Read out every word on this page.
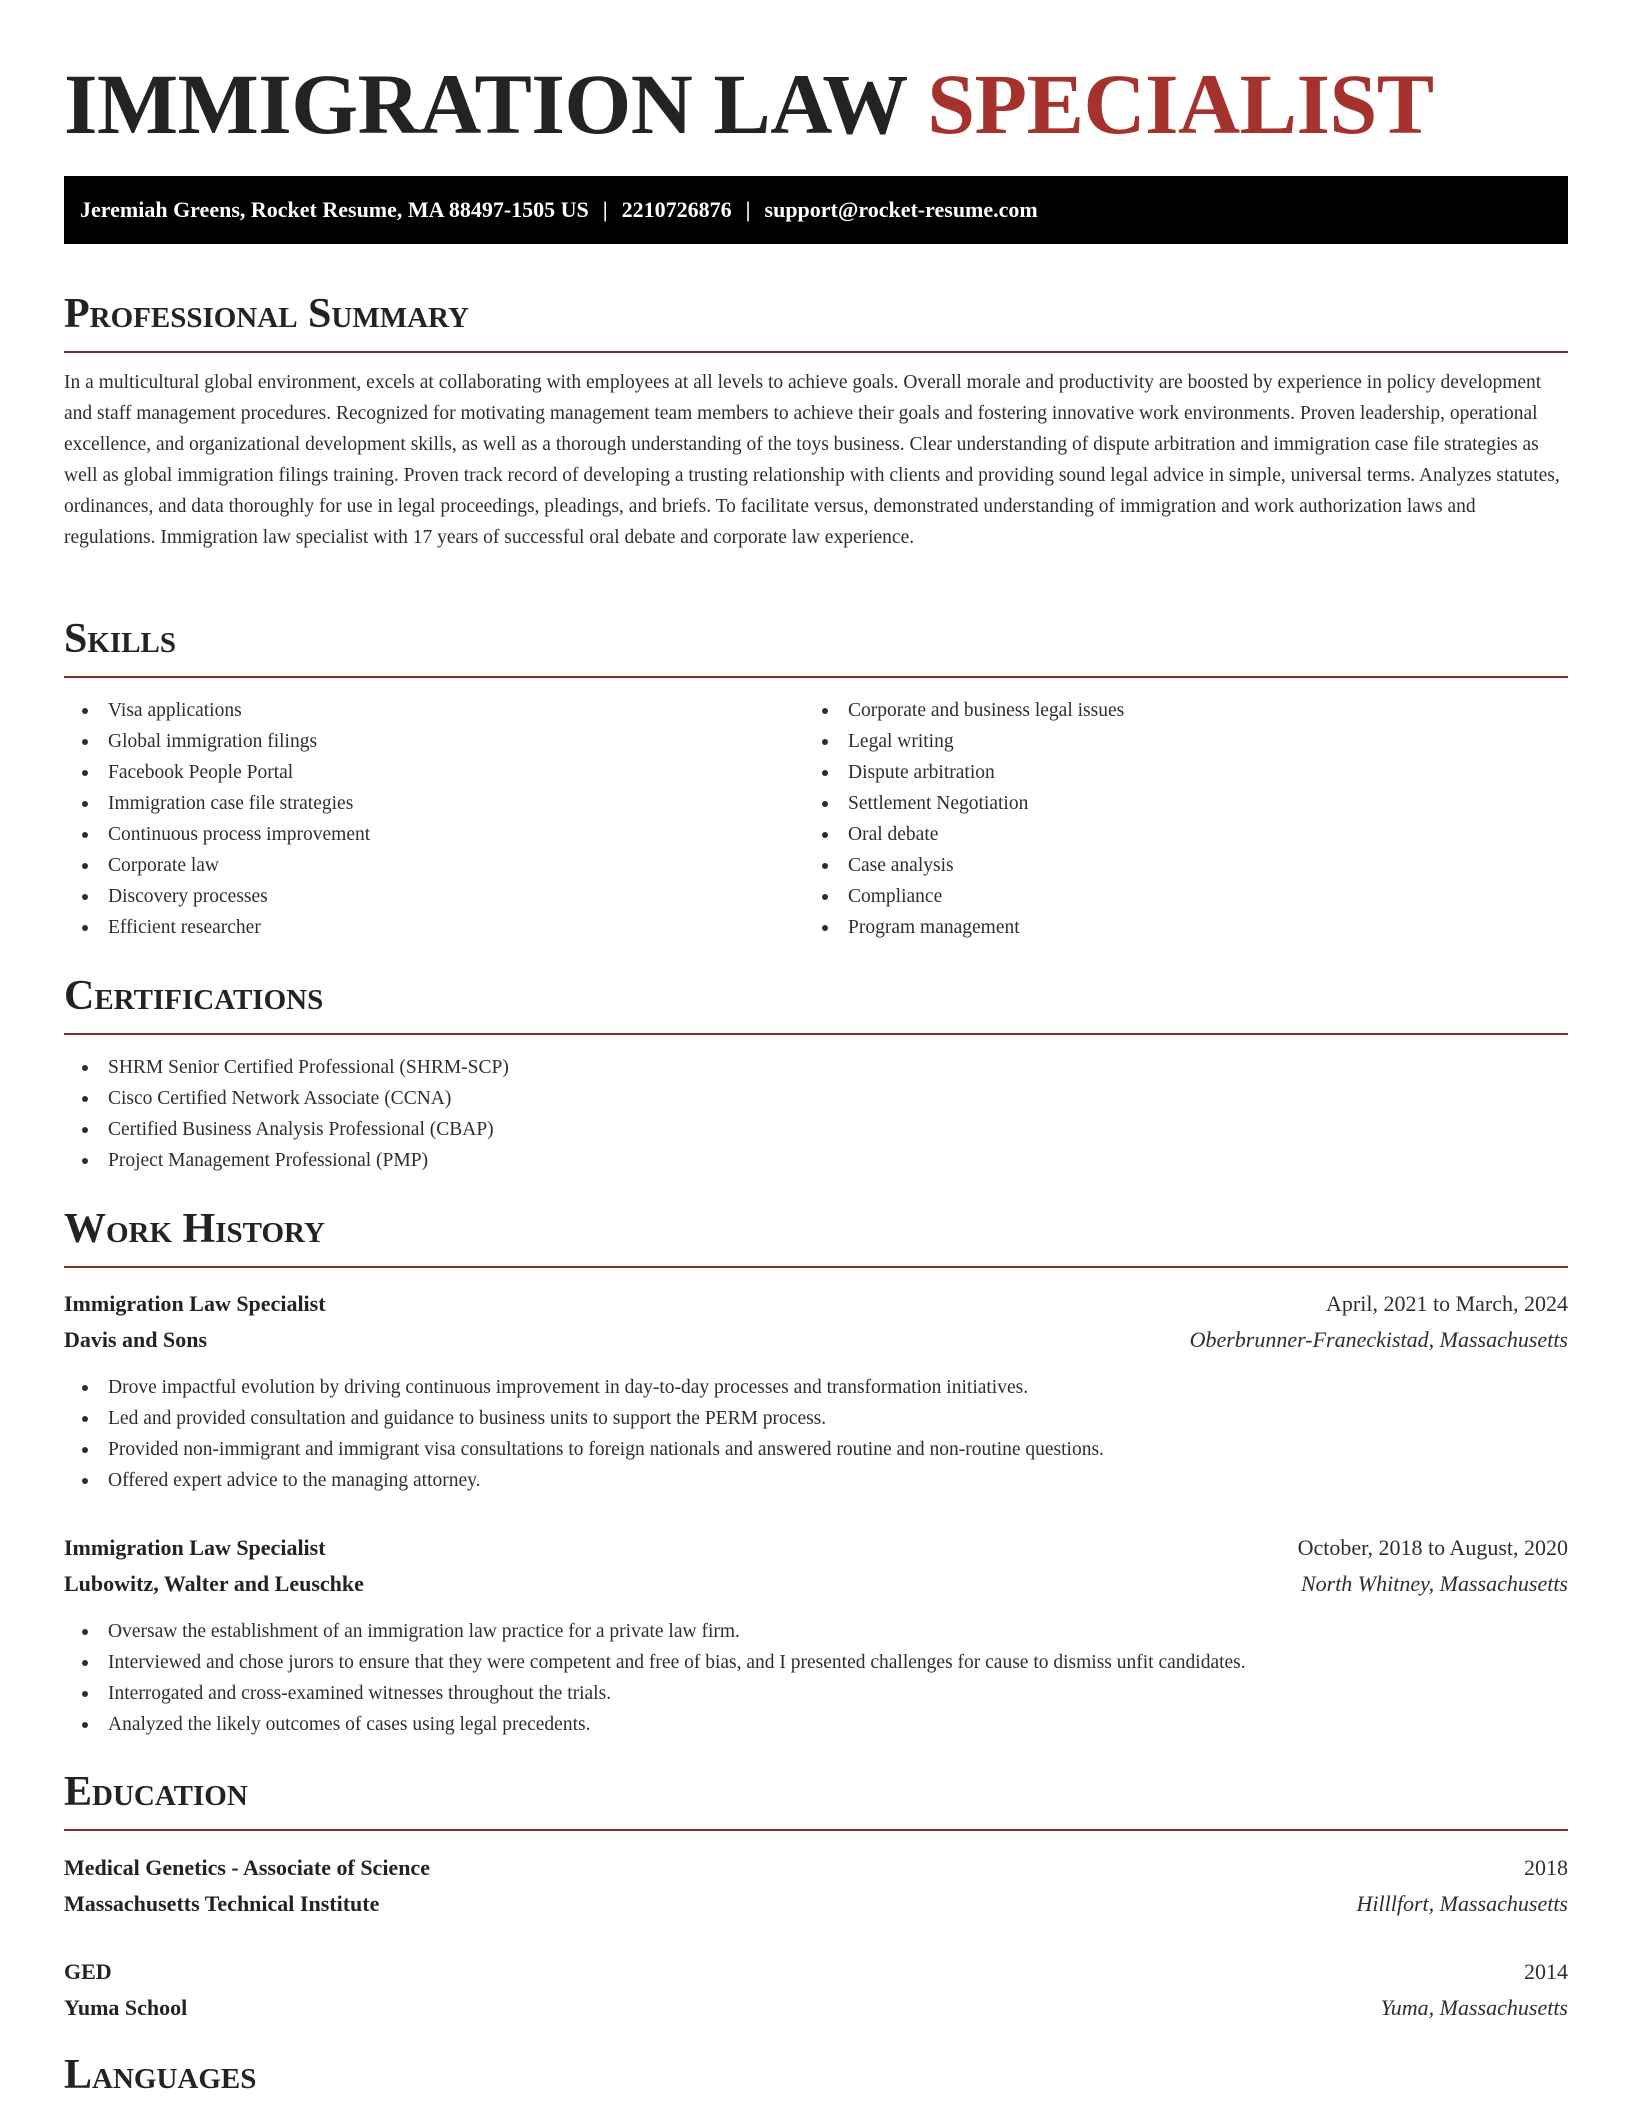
IMMIGRATION LAW SPECIALIST
Jeremiah Greens, Rocket Resume, MA 88497-1505 US | 2210726876 | support@rocket-resume.com
Professional Summary

In a multicultural global environment, excels at collaborating with employees at all levels to achieve goals. Overall morale and productivity are boosted by experience in policy development and staff management procedures. Recognized for motivating management team members to achieve their goals and fostering innovative work environments. Proven leadership, operational excellence, and organizational development skills, as well as a thorough understanding of the toys business. Clear understanding of dispute arbitration and immigration case file strategies as well as global immigration filings training. Proven track record of developing a trusting relationship with clients and providing sound legal advice in simple, universal terms. Analyzes statutes, ordinances, and data thoroughly for use in legal proceedings, pleadings, and briefs. To facilitate versus, demonstrated understanding of immigration and work authorization laws and regulations. Immigration law specialist with 17 years of successful oral debate and corporate law experience.

Skills
Visa applications
Global immigration filings
Facebook People Portal
Immigration case file strategies
Continuous process improvement
Corporate law
Discovery processes
Efficient researcher
Corporate and business legal issues
Legal writing
Dispute arbitration
Settlement Negotiation
Oral debate
Case analysis
Compliance
Program management
Certifications
SHRM Senior Certified Professional (SHRM-SCP)
Cisco Certified Network Associate (CCNA)
Certified Business Analysis Professional (CBAP)
Project Management Professional (PMP)
Work History
Immigration Law Specialist	April, 2021 to March, 2024
Davis and Sons	Oberbrunner-Franeckistad, Massachusetts
Drove impactful evolution by driving continuous improvement in day-to-day processes and transformation initiatives.
Led and provided consultation and guidance to business units to support the PERM process.
Provided non-immigrant and immigrant visa consultations to foreign nationals and answered routine and non-routine questions.
Offered expert advice to the managing attorney.
Immigration Law Specialist	October, 2018 to August, 2020
Lubowitz, Walter and Leuschke	North Whitney, Massachusetts
Oversaw the establishment of an immigration law practice for a private law firm.
Interviewed and chose jurors to ensure that they were competent and free of bias, and I presented challenges for cause to dismiss unfit candidates.
Interrogated and cross-examined witnesses throughout the trials.
Analyzed the likely outcomes of cases using legal precedents.
Education
Medical Genetics - Associate of Science	2018
Massachusetts Technical Institute	Hilllfort, Massachusetts
GED	2014
Yuma School	Yuma, Massachusetts
Languages
